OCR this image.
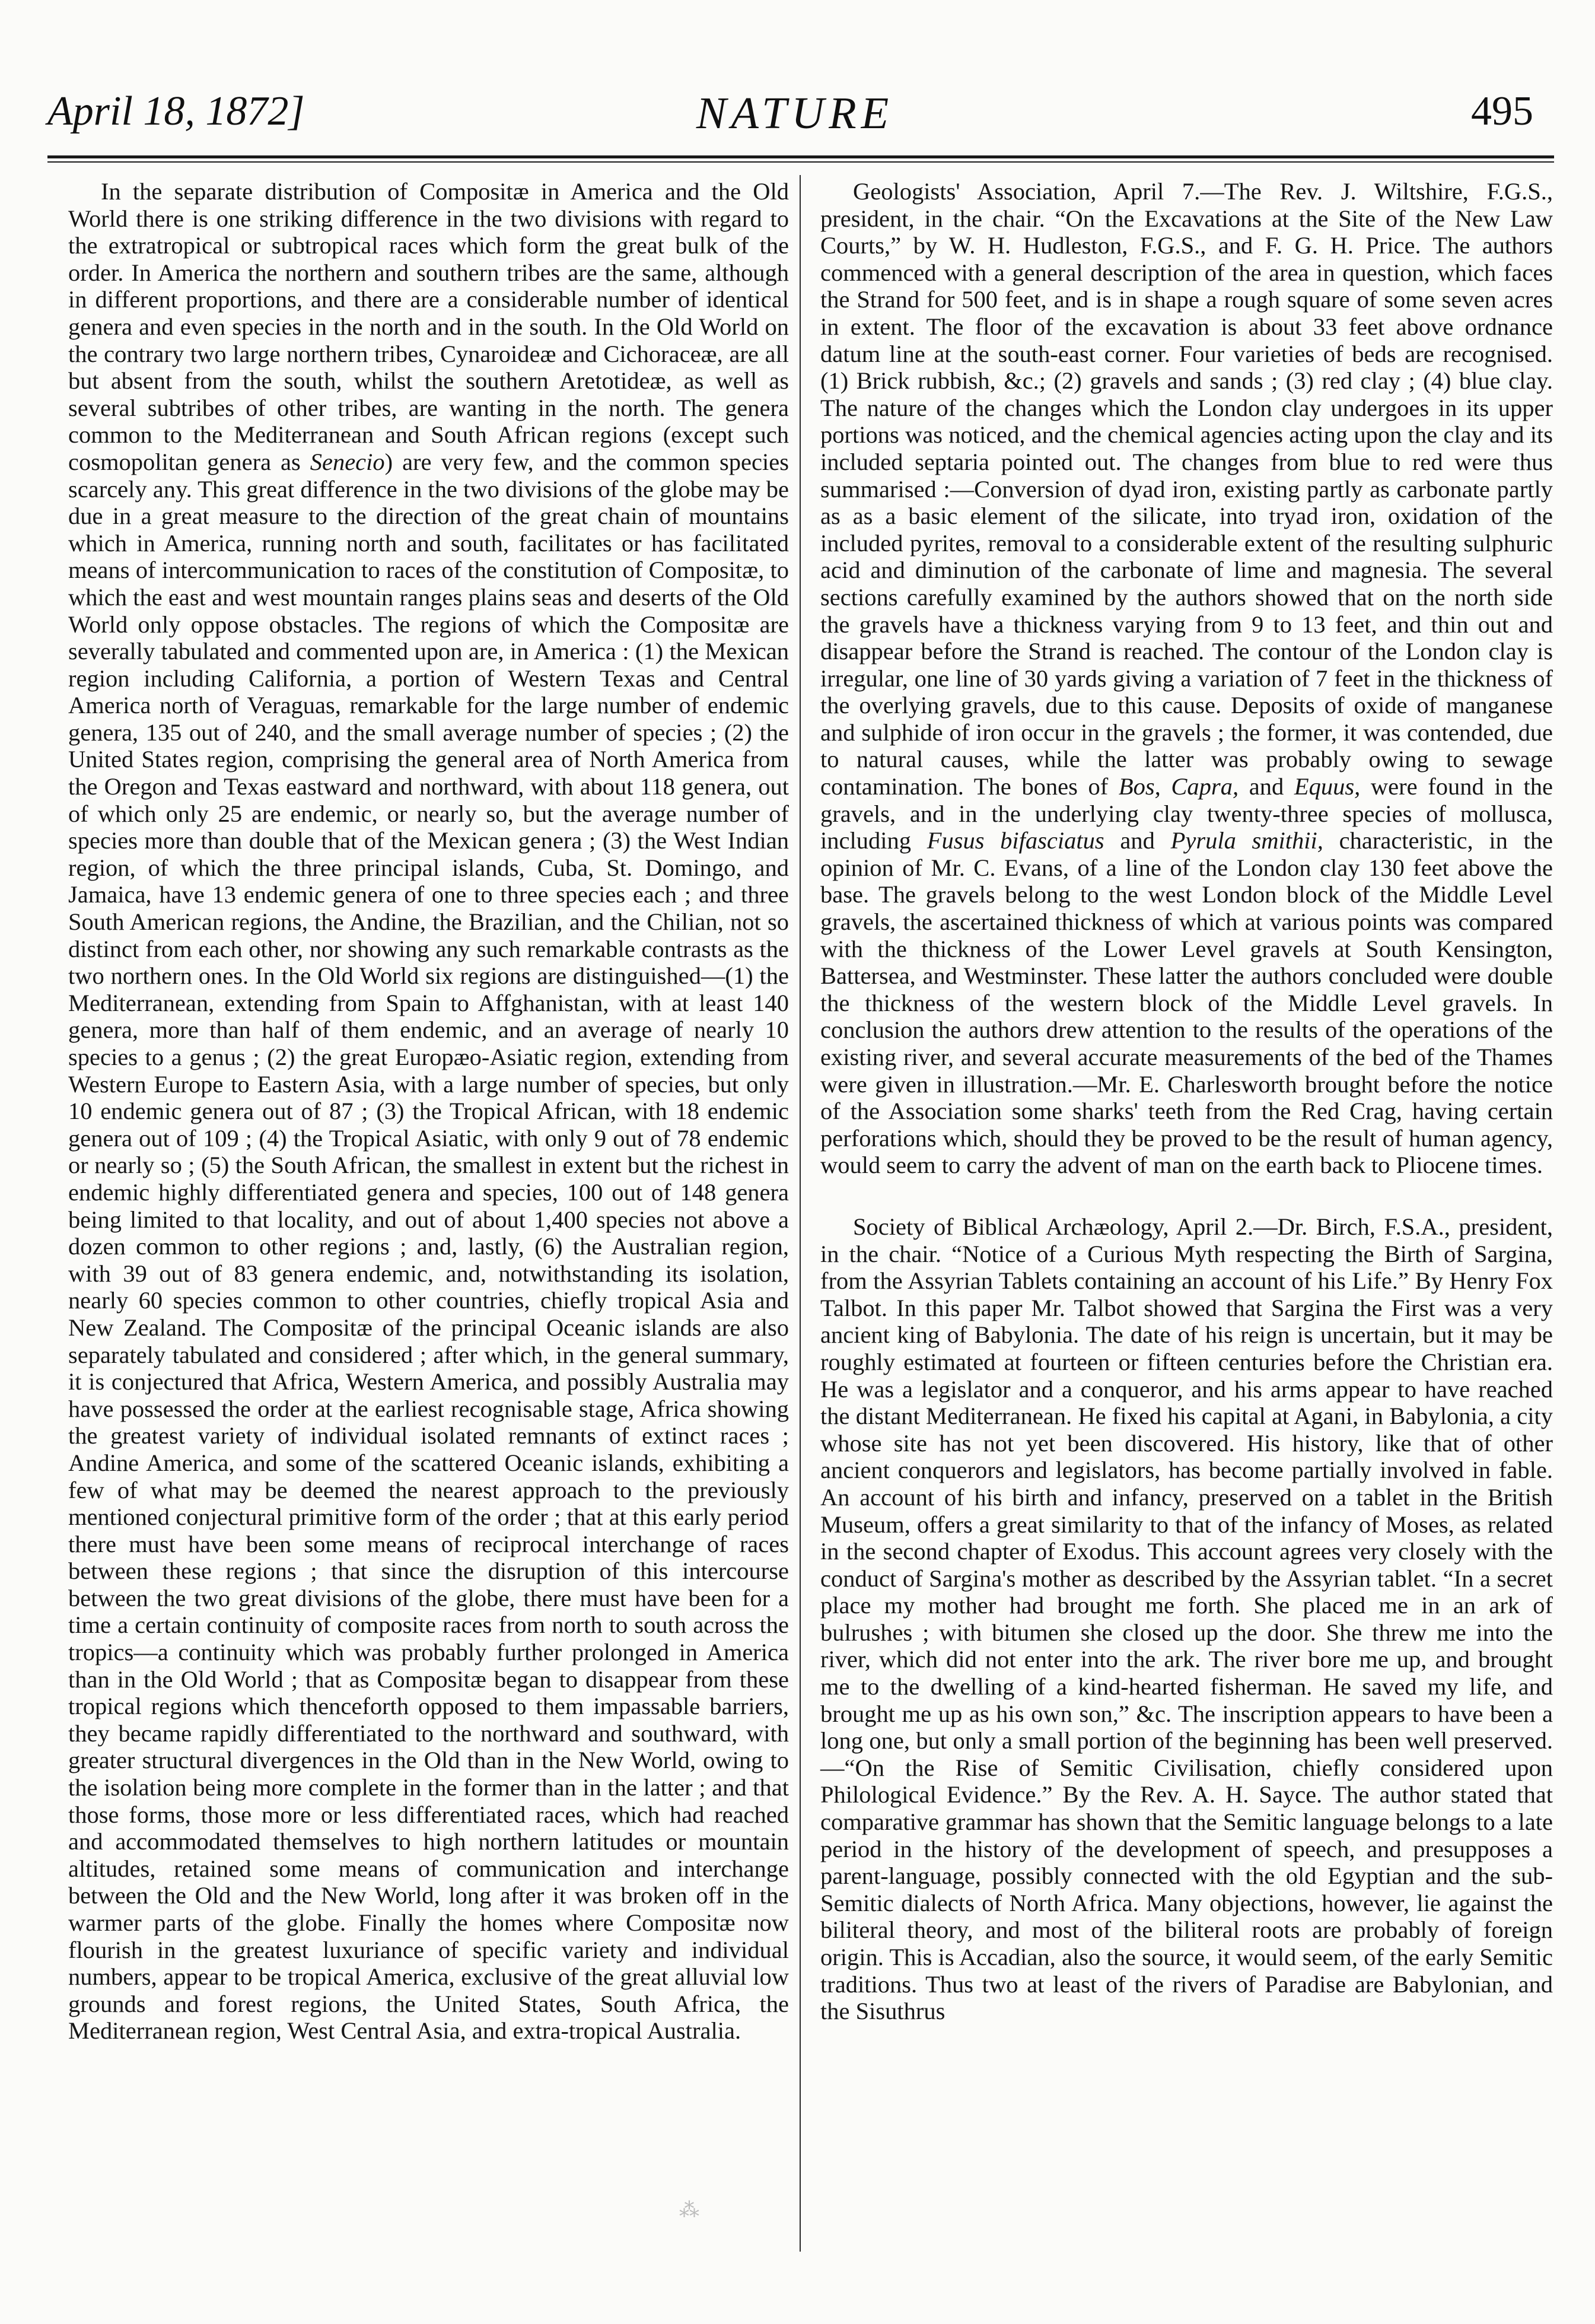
April 18, 1872]	NATURE	495

In the separate distribution of Compositæ in America and the Old World there is one striking difference in the two divisions with regard to the extratropical or subtropical races which form the great bulk of the order. In America the northern and southern tribes are the same, although in different proportions, and there are a considerable number of identical genera and even species in the north and in the south. In the Old World on the contrary two large northern tribes, Cynaroideæ and Cichoraceæ, are all but absent from the south, whilst the southern Aretotideæ, as well as several subtribes of other tribes, are wanting in the north. The genera common to the Mediterranean and South African regions (except such cosmopolitan genera as Senecio) are very few, and the common species scarcely any. This great difference in the two divisions of the globe may be due in a great measure to the direction of the great chain of mountains which in America, running north and south, facilitates or has facilitated means of intercommunication to races of the constitution of Compositæ, to which the east and west mountain ranges plains seas and deserts of the Old World only oppose obstacles. The regions of which the Compositæ are severally tabulated and commented upon are, in America : (1) the Mexican region including California, a portion of Western Texas and Central America north of Veraguas, remarkable for the large number of endemic genera, 135 out of 240, and the small average number of species ; (2) the United States region, comprising the general area of North America from the Oregon and Texas eastward and northward, with about 118 genera, out of which only 25 are endemic, or nearly so, but the average number of species more than double that of the Mexican genera ; (3) the West Indian region, of which the three principal islands, Cuba, St. Domingo, and Jamaica, have 13 endemic genera of one to three species each ; and three South American regions, the Andine, the Brazilian, and the Chilian, not so distinct from each other, nor showing any such remarkable contrasts as the two northern ones. In the Old World six regions are distinguished—(1) the Mediterranean, extending from Spain to Affghanistan, with at least 140 genera, more than half of them endemic, and an average of nearly 10 species to a genus ; (2) the great Europæo-Asiatic region, extending from Western Europe to Eastern Asia, with a large number of species, but only 10 endemic genera out of 87 ; (3) the Tropical African, with 18 endemic genera out of 109 ; (4) the Tropical Asiatic, with only 9 out of 78 endemic or nearly so ; (5) the South African, the smallest in extent but the richest in endemic highly differentiated genera and species, 100 out of 148 genera being limited to that locality, and out of about 1,400 species not above a dozen common to other regions ; and, lastly, (6) the Australian region, with 39 out of 83 genera endemic, and, notwithstanding its isolation, nearly 60 species common to other countries, chiefly tropical Asia and New Zealand. The Compositæ of the principal Oceanic islands are also separately tabulated and considered ; after which, in the general summary, it is conjectured that Africa, Western America, and possibly Australia may have possessed the order at the earliest recognisable stage, Africa showing the greatest variety of individual isolated remnants of extinct races ; Andine America, and some of the scattered Oceanic islands, exhibiting a few of what may be deemed the nearest approach to the previously mentioned conjectural primitive form of the order ; that at this early period there must have been some means of reciprocal interchange of races between these regions ; that since the disruption of this intercourse between the two great divisions of the globe, there must have been for a time a certain continuity of composite races from north to south across the tropics—a continuity which was probably further prolonged in America than in the Old World ; that as Compositæ began to disappear from these tropical regions which thenceforth opposed to them impassable barriers, they became rapidly differentiated to the northward and southward, with greater structural divergences in the Old than in the New World, owing to the isolation being more complete in the former than in the latter ; and that those forms, those more or less differentiated races, which had reached and accommodated themselves to high northern latitudes or mountain altitudes, retained some means of communication and interchange between the Old and the New World, long after it was broken off in the warmer parts of the globe. Finally the homes where Compositæ now flourish in the greatest luxuriance of specific variety and individual numbers, appear to be tropical America, exclusive of the great alluvial low grounds and forest regions, the United States, South Africa, the Mediterranean region, West Central Asia, and extra-tropical Australia.

Geologists' Association, April 7.—The Rev. J. Wiltshire, F.G.S., president, in the chair. “On the Excavations at the Site of the New Law Courts,” by W. H. Hudleston, F.G.S., and F. G. H. Price. The authors commenced with a general description of the area in question, which faces the Strand for 500 feet, and is in shape a rough square of some seven acres in extent. The floor of the excavation is about 33 feet above ordnance datum line at the south-east corner. Four varieties of beds are recognised. (1) Brick rubbish, &c.; (2) gravels and sands ; (3) red clay ; (4) blue clay. The nature of the changes which the London clay undergoes in its upper portions was noticed, and the chemical agencies acting upon the clay and its included septaria pointed out. The changes from blue to red were thus summarised :—Conversion of dyad iron, existing partly as carbonate partly as as a basic element of the silicate, into tryad iron, oxidation of the included pyrites, removal to a considerable extent of the resulting sulphuric acid and diminution of the carbonate of lime and magnesia. The several sections carefully examined by the authors showed that on the north side the gravels have a thickness varying from 9 to 13 feet, and thin out and disappear before the Strand is reached. The contour of the London clay is irregular, one line of 30 yards giving a variation of 7 feet in the thickness of the overlying gravels, due to this cause. Deposits of oxide of manganese and sulphide of iron occur in the gravels ; the former, it was contended, due to natural causes, while the latter was probably owing to sewage contamination. The bones of Bos, Capra, and Equus, were found in the gravels, and in the underlying clay twenty-three species of mollusca, including Fusus bifasciatus and Pyrula smithii, characteristic, in the opinion of Mr. C. Evans, of a line of the London clay 130 feet above the base. The gravels belong to the west London block of the Middle Level gravels, the ascertained thickness of which at various points was compared with the thickness of the Lower Level gravels at South Kensington, Battersea, and Westminster. These latter the authors concluded were double the thickness of the western block of the Middle Level gravels. In conclusion the authors drew attention to the results of the operations of the existing river, and several accurate measurements of the bed of the Thames were given in illustration.—Mr. E. Charlesworth brought before the notice of the Association some sharks' teeth from the Red Crag, having certain perforations which, should they be proved to be the result of human agency, would seem to carry the advent of man on the earth back to Pliocene times.

Society of Biblical Archæology, April 2.—Dr. Birch, F.S.A., president, in the chair. “Notice of a Curious Myth respecting the Birth of Sargina, from the Assyrian Tablets containing an account of his Life.” By Henry Fox Talbot. In this paper Mr. Talbot showed that Sargina the First was a very ancient king of Babylonia. The date of his reign is uncertain, but it may be roughly estimated at fourteen or fifteen centuries before the Christian era. He was a legislator and a conqueror, and his arms appear to have reached the distant Mediterranean. He fixed his capital at Agani, in Babylonia, a city whose site has not yet been discovered. His history, like that of other ancient conquerors and legislators, has become partially involved in fable. An account of his birth and infancy, preserved on a tablet in the British Museum, offers a great similarity to that of the infancy of Moses, as related in the second chapter of Exodus. This account agrees very closely with the conduct of Sargina's mother as described by the Assyrian tablet. “In a secret place my mother had brought me forth. She placed me in an ark of bulrushes ; with bitumen she closed up the door. She threw me into the river, which did not enter into the ark. The river bore me up, and brought me to the dwelling of a kind-hearted fisherman. He saved my life, and brought me up as his own son,” &c. The inscription appears to have been a long one, but only a small portion of the beginning has been well preserved.—“On the Rise of Semitic Civilisation, chiefly considered upon Philological Evidence.” By the Rev. A. H. Sayce. The author stated that comparative grammar has shown that the Semitic language belongs to a late period in the history of the development of speech, and presupposes a parent-language, possibly connected with the old Egyptian and the sub-Semitic dialects of North Africa. Many objections, however, lie against the biliteral theory, and most of the biliteral roots are probably of foreign origin. This is Accadian, also the source, it would seem, of the early Semitic traditions. Thus two at least of the rivers of Paradise are Babylonian, and the Sisuthrus

⁂
